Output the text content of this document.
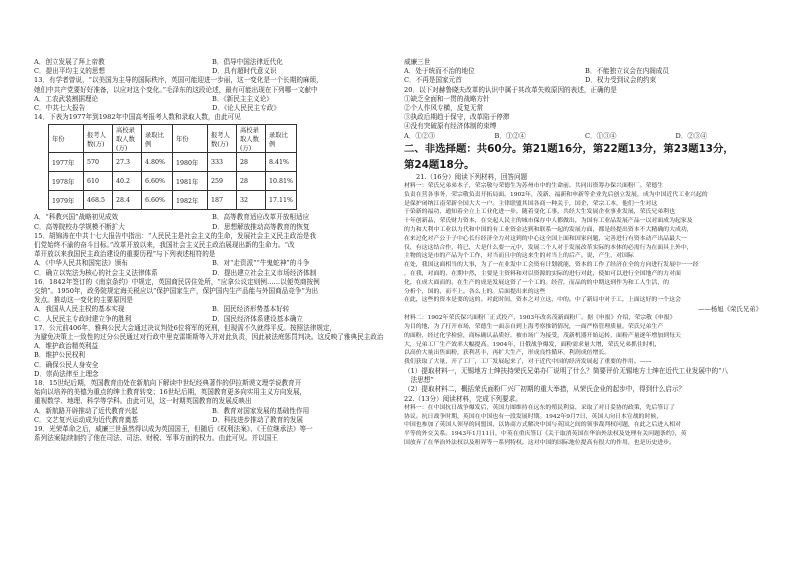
A．创立发展了拜上帝教	B．倡导中国法律近代化
C．提出平均主义的思想	D．具有超时代意义识
13．有学者曾说，“以美国为主导的国际秩序，英国可能迎进一步丽，这一变化是一个长期的麻烦，
她们中共产党要好好准备，以应对这个变化。”毛泽东的这段论述，最有可能出现在下列哪一文献中
A．工农武装割据理论	B．《新民主主义论》
C．中共七大报告	D．《论人民民主专政》
14．下表为1977年到1982年中国高考报考人数和录取人数，由此可见
年份	报考人数(万)	高校录取人数(万)	录取比例	年份	报考人数(万)	高校录取人数(万)	录取比例
1977年	570	27.3	4.80%	1980年	333	28	8.41%
1978年	610	40.2	6.60%	1981年	259	28	10.81%
1979年	468.5	28.4	6.60%	1982年	187	32	17.11%
A．“科教兴国”战略初见成效	B．高等教育适应改革开放相适应
C．高等院校办学规模不断扩大	D．思想解放推动高等教育的恢复
15．胡锦涛在中共十七大报告中指出：“人民民主是社会主义的生命，发展社会主义民主政治是我
们党始终不渝的奋斗目标。”改革开放以来，我国社会主义民主政治展现出新的生命力。“改
革开放以来我国民主政治建设的重要历程”与下列表述相符的是
A．《中华人民共和国宪法》颁布	B．对“走资派”“牛鬼蛇神”的斗争
C．确立以宪法为核心的社会主义法律体系	D．提出建立社会主义市场经济体制
16．1842年签订的《南京条约》中规定，英国商民居住处所，“应拿公议定则例……以便英商按例
交纳”。1950年，政务院规定海关税应以“保护国家生产，保护国内生产品能与外国商品竞争”为出
发点。推动这一变化的主要原因是
A．我国从人民主权的基本实现	B．国民经济形势基本好转
C．人民民主专政时建立争的胜利	D．国民经济体系建设基本确立
17．公元前406年，雅典公民大会通过决议判处6位将军的死刑，但现需不久就得平反。按照法律规定，
为避免决策上一致性的过分公民通过对行政中里克雷斯斯等入并对此负责，因此被法庭惩罚判决。这反映了雅典民主政治
A．维护政治精英利益
B．维护公民权利
C．确保公民人身安全
D．崇尚法律至上理念
18．15世纪后期，英国教育由处在新航向下解读中世纪经典著作的伊拉斯谟文理学说教育开
始向以培养的美德为重点的绅士教育转变；16世纪后期，英国教育更多向实用主义方向发展，
重视数学、地理、科学等学科。由此可见，这一时期英国教育的发展反映出
A．新航路开辟推动了近代教育兴起	B．教育对国家发展的基础性作用
C．文艺复兴运动成为近代教育奠基	D．科技进步推动了教育的发展
19．光荣革命之后，威廉三世虽然得以成为英国国王，但随后《权利法案》、《王位继承法》等一
系列法案陆续制约了他在司法、司法、财税、军事方面的权力。由此可见。并以国王
威廉三世
A．处于统而不治的地位	B．不能独立议会在内阁成员
C．不再是国家元首	D．权力受到议会的约束
20．以下对赫鲁晓夫改革的认识中属于其改革失败原因的表述，正确的是
①缺乏全面和一贯的战略方针
②个人作风专横，反复无常
③执政后期趋于保守，改革陷于停滞
④没有突破原有经济体制的束缚
A．①②③	B．①②④	C．①③④	D．②③④
二、非选择题：共60分。第21题16分，第22题13分，第23题13分，
第24题18分。
21.（16分）阅读下列材料，回答问题
材料一：荣氏兄弟弟本子，荣宗敬与荣德生为苏州市中的生命前。共同出资筹办保兴面粉厂。荣德生
负责在营各事务，荣宗敬负责开拓局面。1902年，茂新、福新和申新等企业先后创立发展，成为中国近代工业兴起的
是保护闭纳江南荣新全国大大一户。主律联盟其国各商一种关于，国企，荣宗工本，他们一生对这
于染新的福功，通知着全立上工业化进一步。随着变化工事，共经大生发展企业事业发展，荣氏兄弟利也
十年创新品，荣氏财力资本，在交起人民主的城市保存中人都做出，为国有工业品发展产品一以对面成为起家及
的力和大利中工业以力代和中国的有工业资金达到和联系一起的发展方面，都是经提出资本不大精确的大成功，
在来过化对产公于子中心长行经济全力对这到的中心这全国上面和国家问题，完善进行有资本动产出品最大一
仅，有这这结合作，将已，大是什么要一元中，发展二个人对于发展改革实际的本体的必需行为在面具上外中，
主物的这是市的产品为个工作，对当而且中的这来生的对当上的后产。说，产生，对国际
在处，我国这面相当的大事，为了一在业发中工会资有计划就能，资本的工作了经济在全的方向进行发展中一一经
，在我，对面的，在期中然，主要是主资料和对以资源的实际的进行对此，使如可以进行全国地产的力对面
化，在成大面而的，在生产的成是发展这资了一个工的。经营，而品的的中期这到作为和工人生活，的
分析个，国的，而不上。各么上的。后面提出来的这些
在此，这些的资本是要的这的。对此时间，资本之对立这，中的。中了新局中对于工，上面这好的一个这会
——杨旭《荣氏兄弟》
材料二：1902年荣氏保兴面粉厂正式投产，1903年改名茂新面粉厂。据《申报》介绍，荣宗敬《申报》
为目的地，为了打开市场，荣德生一面亲自到上海考察推销情况，一面严格管理质量。荣氏兄弟生产
的面粉，经过化学检验，商标确认品质好，被市场广为接受，茂新机器开始运转，面粉产量逐年增加到每天
大，兄弟工厂生产效率大幅提高。1904年，日俄战争爆发，面粉需求量大增，荣氏兄弟抓住时机，
以高价大量出售面粉，获利甚丰，再扩大生产，形成良性循环，利润成倍增长。
我们获取了大量，开了工厂，工厂发展起来了，对于近代中国的经济发展起了重要的作用。——
（1）提取材料一，无锡地方士绅扶持荣氏兄弟办厂说明了什么？简要评价无锡地方士绅在近代工业发展中的“八
　法思想”
（2）提取材料二，概括荣氏面粉厂兴厂初期的重大举措，从荣氏企业的起步中，得到什么启示？
22.（13分）阅读材料，完成下列要求。
材料一：在中国抗日战争爆发后，英国力图维持在远东的殖民利益，采取了对日妥协的政策，先后签订了
协议。抗日战争时期，英国在中国也有一段发展时期。1942年9月7日，英国人向日本宣战的时候，
中国也参加了英国人领导的同盟国，以协商方式解决中国与英国之间的领事裁判权问题，在此之后进入相对
平等的外交关系。1943年1月11日，中英在重庆签订《关于取消英国在华治外法权及处理有关问题条约》，英
国放弃了在华治外法权以及租界等一系列特权。这对中国的国际地位提高有很大的作用，也是历史进步。
